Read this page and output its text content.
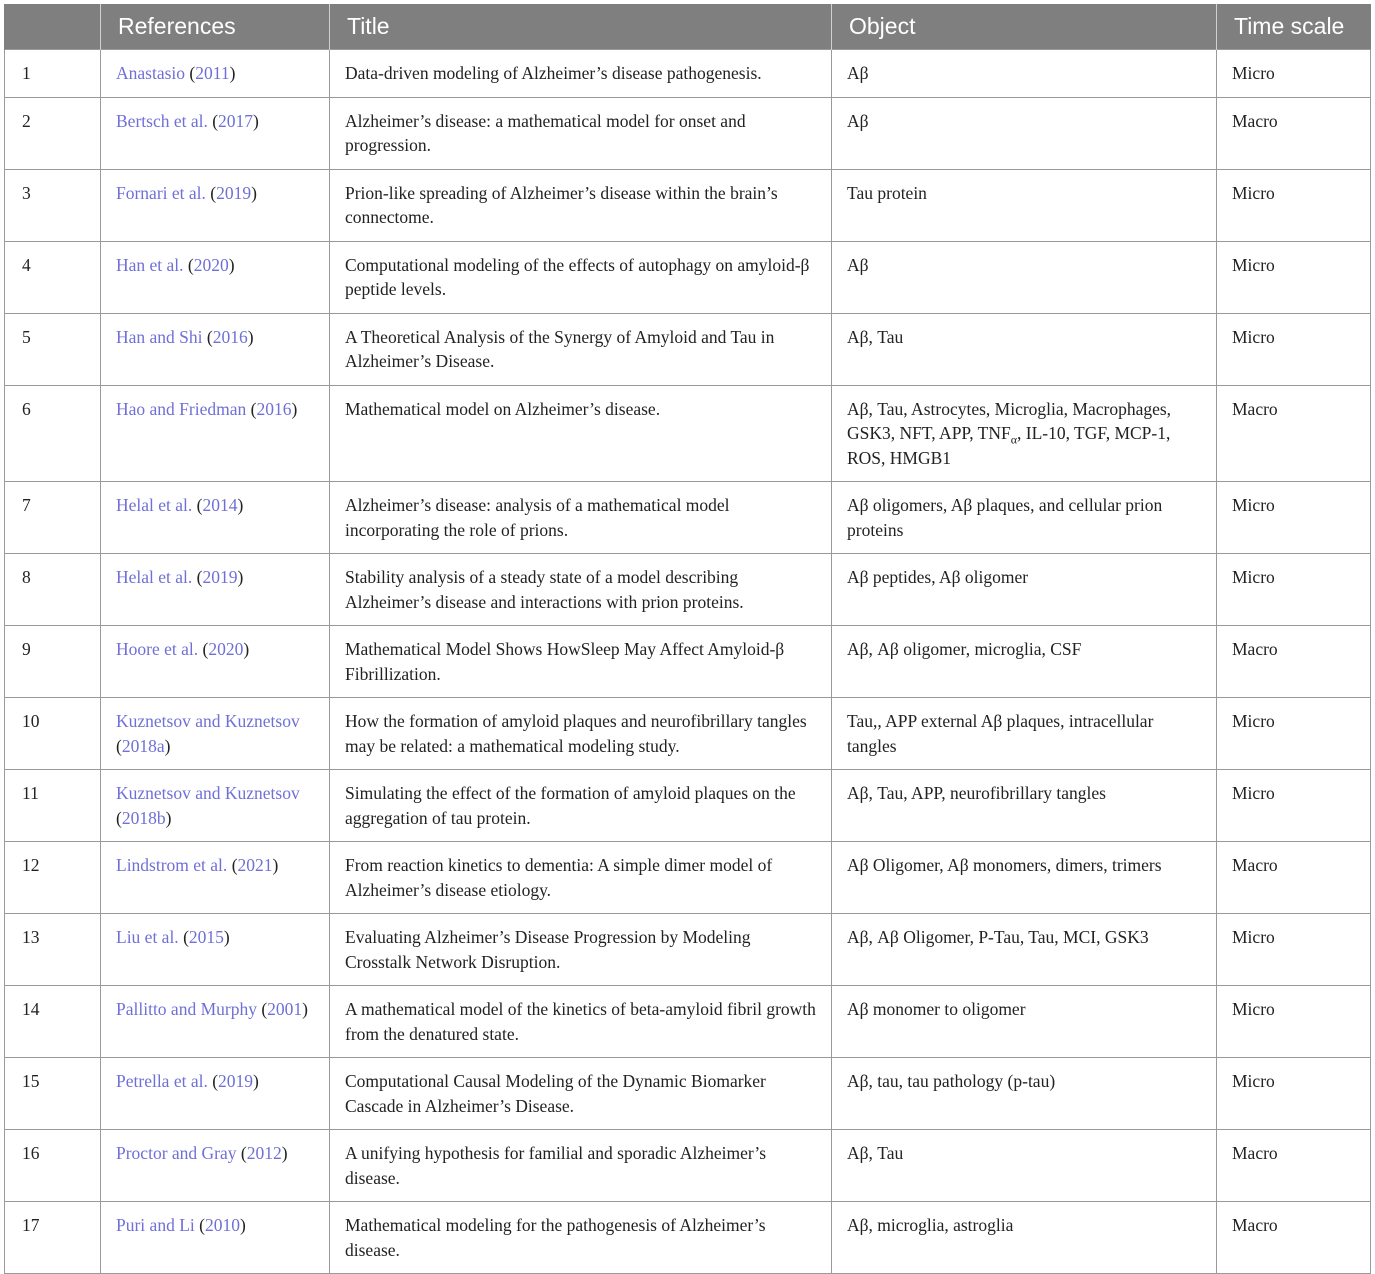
	References	Title	Object	Time scale
1	Anastasio (2011)	Data-driven modeling of Alzheimer’s disease pathogenesis.	Aβ	Micro
2	Bertsch et al. (2017)	Alzheimer’s disease: a mathematical model for onset and progression.	Aβ	Macro
3	Fornari et al. (2019)	Prion-like spreading of Alzheimer’s disease within the brain’s connectome.	Tau protein	Micro
4	Han et al. (2020)	Computational modeling of the effects of autophagy on amyloid-β peptide levels.	Aβ	Micro
5	Han and Shi (2016)	A Theoretical Analysis of the Synergy of Amyloid and Tau in Alzheimer’s Disease.	Aβ, Tau	Micro
6	Hao and Friedman (2016)	Mathematical model on Alzheimer’s disease.	Aβ, Tau, Astrocytes, Microglia, Macrophages, GSK3, NFT, APP, $TNF_\alpha$, IL-10, TGF, MCP-1, ROS, HMGB1	Macro
7	Helal et al. (2014)	Alzheimer’s disease: analysis of a mathematical model incorporating the role of prions.	Aβ oligomers, Aβ plaques, and cellular prion proteins	Micro
8	Helal et al. (2019)	Stability analysis of a steady state of a model describing Alzheimer’s disease and interactions with prion proteins.	Aβ peptides, Aβ oligomer	Micro
9	Hoore et al. (2020)	Mathematical Model Shows HowSleep May Affect Amyloid-β Fibrillization.	Aβ, Aβ oligomer, microglia, CSF	Macro
10	Kuznetsov and Kuznetsov (2018a)	How the formation of amyloid plaques and neurofibrillary tangles may be related: a mathematical modeling study.	Tau,, APP external Aβ plaques, intracellular tangles	Micro
11	Kuznetsov and Kuznetsov (2018b)	Simulating the effect of the formation of amyloid plaques on the aggregation of tau protein.	Aβ, Tau, APP, neurofibrillary tangles	Micro
12	Lindstrom et al. (2021)	From reaction kinetics to dementia: A simple dimer model of Alzheimer’s disease etiology.	Aβ Oligomer, Aβ monomers, dimers, trimers	Macro
13	Liu et al. (2015)	Evaluating Alzheimer’s Disease Progression by Modeling Crosstalk Network Disruption.	Aβ, Aβ Oligomer, P-Tau, Tau, MCI, GSK3	Micro
14	Pallitto and Murphy (2001)	A mathematical model of the kinetics of beta-amyloid fibril growth from the denatured state.	Aβ monomer to oligomer	Micro
15	Petrella et al. (2019)	Computational Causal Modeling of the Dynamic Biomarker Cascade in Alzheimer’s Disease.	Aβ, tau, tau pathology (p-tau)	Micro
16	Proctor and Gray (2012)	A unifying hypothesis for familial and sporadic Alzheimer’s disease.	Aβ, Tau	Macro
17	Puri and Li (2010)	Mathematical modeling for the pathogenesis of Alzheimer’s disease.	Aβ, microglia, astroglia	Macro
